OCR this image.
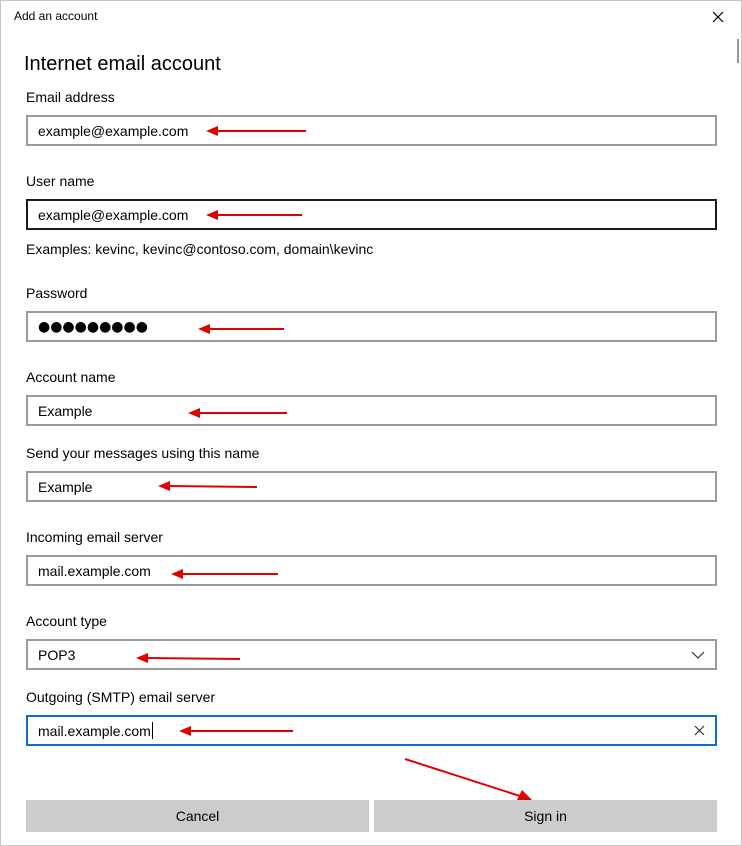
Add an account
Internet email account
Email address
example@example.com
User name
example@example.com
Examples: kevinc, kevinc@contoso.com, domain\kevinc
Password
●●●●●●●●●
Account name
Example
Send your messages using this name
Example
Incoming email server
mail.example.com
Account type
POP3
Outgoing (SMTP) email server
mail.example.com
Cancel	Sign in
